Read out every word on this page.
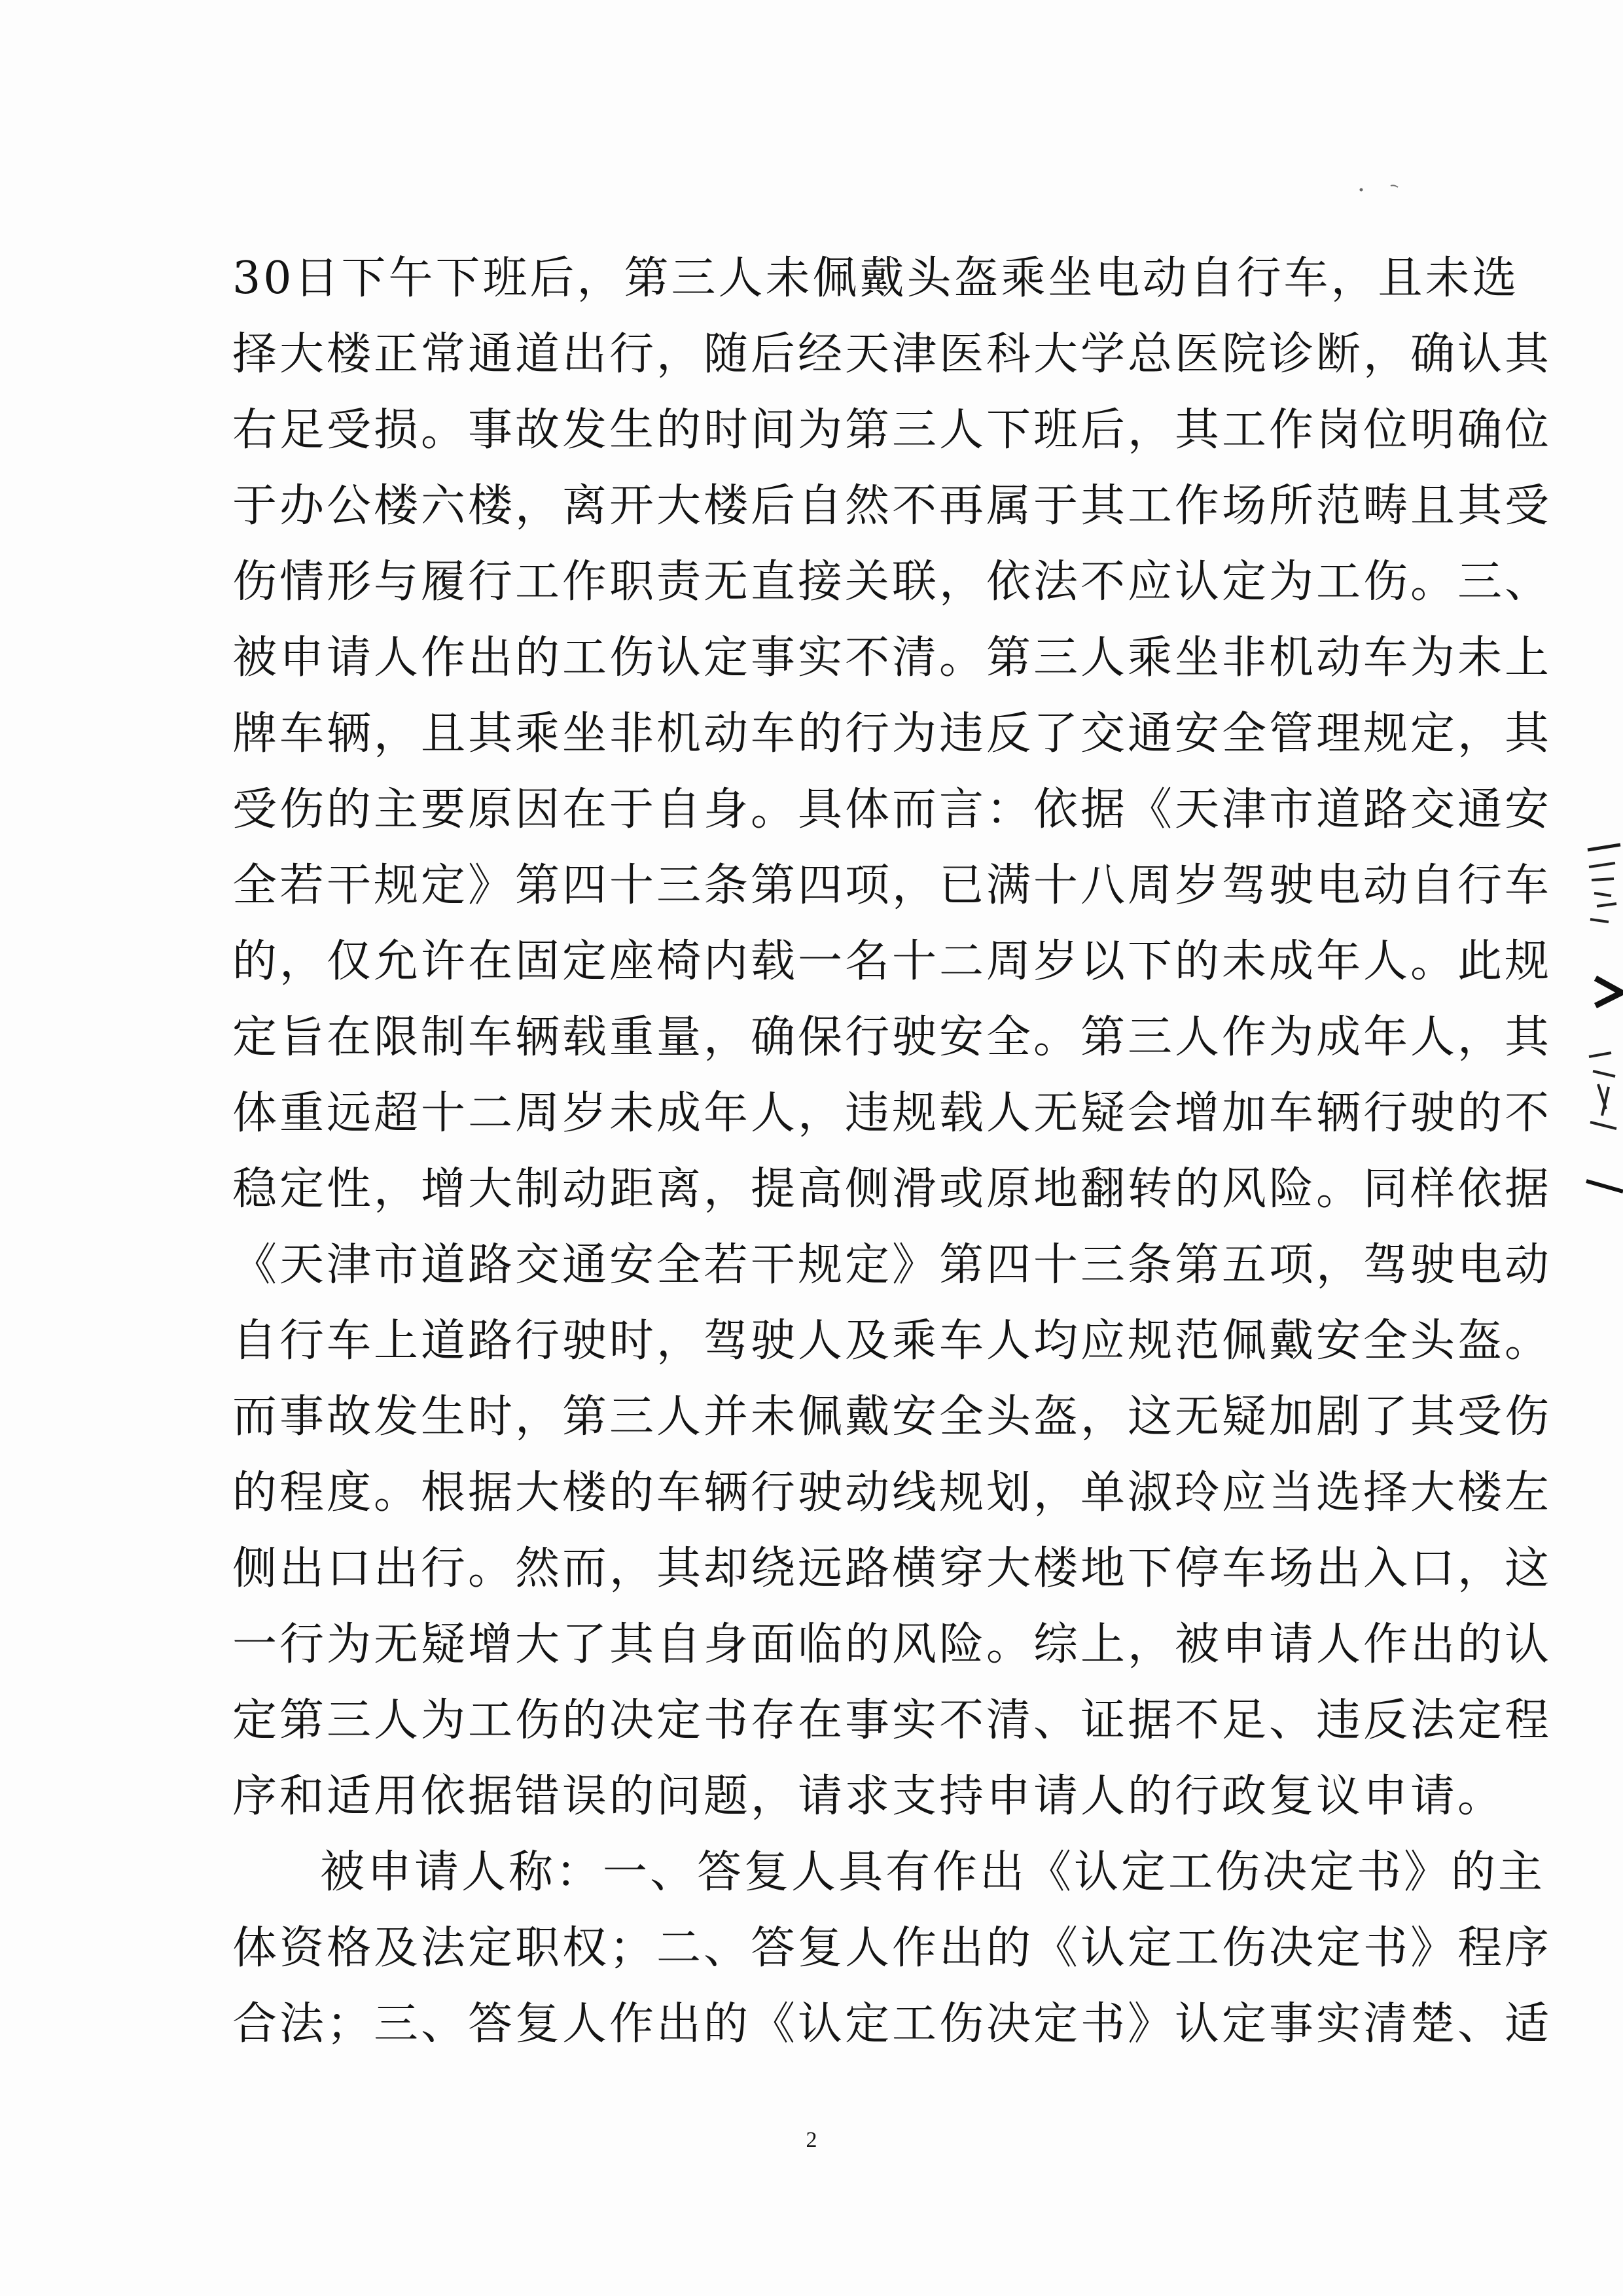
30日下午下班后，第三人未佩戴头盔乘坐电动自行车，且未选
择大楼正常通道出行，随后经天津医科大学总医院诊断，确认其
右足受损。事故发生的时间为第三人下班后，其工作岗位明确位
于办公楼六楼，离开大楼后自然不再属于其工作场所范畴且其受
伤情形与履行工作职责无直接关联，依法不应认定为工伤。三、
被申请人作出的工伤认定事实不清。第三人乘坐非机动车为未上
牌车辆，且其乘坐非机动车的行为违反了交通安全管理规定，其
受伤的主要原因在于自身。具体而言：依据《天津市道路交通安
全若干规定》第四十三条第四项，已满十八周岁驾驶电动自行车
的，仅允许在固定座椅内载一名十二周岁以下的未成年人。此规
定旨在限制车辆载重量，确保行驶安全。第三人作为成年人，其
体重远超十二周岁未成年人，违规载人无疑会增加车辆行驶的不
稳定性，增大制动距离，提高侧滑或原地翻转的风险。同样依据
《天津市道路交通安全若干规定》第四十三条第五项，驾驶电动
自行车上道路行驶时，驾驶人及乘车人均应规范佩戴安全头盔。
而事故发生时，第三人并未佩戴安全头盔，这无疑加剧了其受伤
的程度。根据大楼的车辆行驶动线规划，单淑玲应当选择大楼左
侧出口出行。然而，其却绕远路横穿大楼地下停车场出入口，这
一行为无疑增大了其自身面临的风险。综上，被申请人作出的认
定第三人为工伤的决定书存在事实不清、证据不足、违反法定程
序和适用依据错误的问题，请求支持申请人的行政复议申请。
被申请人称：一、答复人具有作出《认定工伤决定书》的主
体资格及法定职权；二、答复人作出的《认定工伤决定书》程序
合法；三、答复人作出的《认定工伤决定书》认定事实清楚、适
2
